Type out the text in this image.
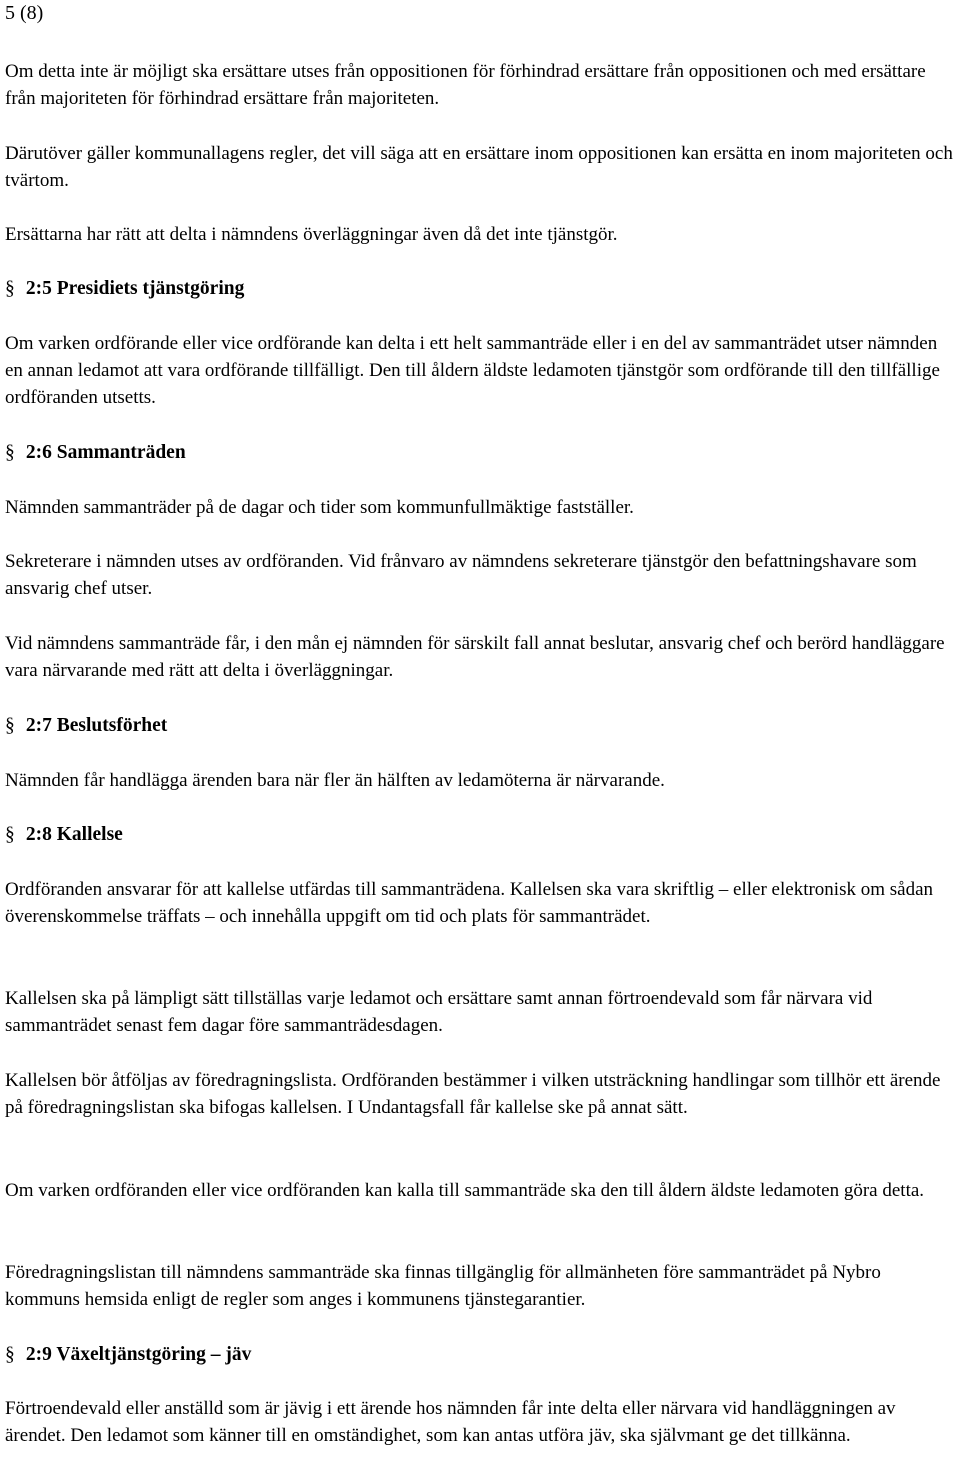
5 (8)

Om detta inte är möjligt ska ersättare utses från oppositionen för förhindrad ersättare från oppositionen och med ersättare från majoriteten för förhindrad ersättare från majoriteten.

Därutöver gäller kommunallagens regler, det vill säga att en ersättare inom oppositionen kan ersätta en inom majoriteten och tvärtom.

Ersättarna har rätt att delta i nämndens överläggningar även då det inte tjänstgör.

§ 2:5 Presidiets tjänstgöring

Om varken ordförande eller vice ordförande kan delta i ett helt sammanträde eller i en del av sammanträdet utser nämnden en annan ledamot att vara ordförande tillfälligt. Den till åldern äldste ledamoten tjänstgör som ordförande till den tillfällige ordföranden utsetts.

§ 2:6 Sammanträden

Nämnden sammanträder på de dagar och tider som kommunfullmäktige fastställer.

Sekreterare i nämnden utses av ordföranden. Vid frånvaro av nämndens sekreterare tjänstgör den befattningshavare som ansvarig chef utser.

Vid nämndens sammanträde får, i den mån ej nämnden för särskilt fall annat beslutar, ansvarig chef och berörd handläggare vara närvarande med rätt att delta i överläggningar.

§ 2:7 Beslutsförhet

Nämnden får handlägga ärenden bara när fler än hälften av ledamöterna är närvarande.

§ 2:8 Kallelse

Ordföranden ansvarar för att kallelse utfärdas till sammanträdena. Kallelsen ska vara skriftlig – eller elektronisk om sådan överenskommelse träffats – och innehålla uppgift om tid och plats för sammanträdet.

Kallelsen ska på lämpligt sätt tillställas varje ledamot och ersättare samt annan förtroendevald som får närvara vid sammanträdet senast fem dagar före sammanträdesdagen.

Kallelsen bör åtföljas av föredragningslista. Ordföranden bestämmer i vilken utsträckning handlingar som tillhör ett ärende på föredragningslistan ska bifogas kallelsen. I Undantagsfall får kallelse ske på annat sätt.

Om varken ordföranden eller vice ordföranden kan kalla till sammanträde ska den till åldern äldste ledamoten göra detta.

Föredragningslistan till nämndens sammanträde ska finnas tillgänglig för allmänheten före sammanträdet på Nybro kommuns hemsida enligt de regler som anges i kommunens tjänstegarantier.

§ 2:9 Växeltjänstgöring – jäv

Förtroendevald eller anställd som är jävig i ett ärende hos nämnden får inte delta eller närvara vid handläggningen av ärendet. Den ledamot som känner till en omständighet, som kan antas utföra jäv, ska självmant ge det tillkänna.
